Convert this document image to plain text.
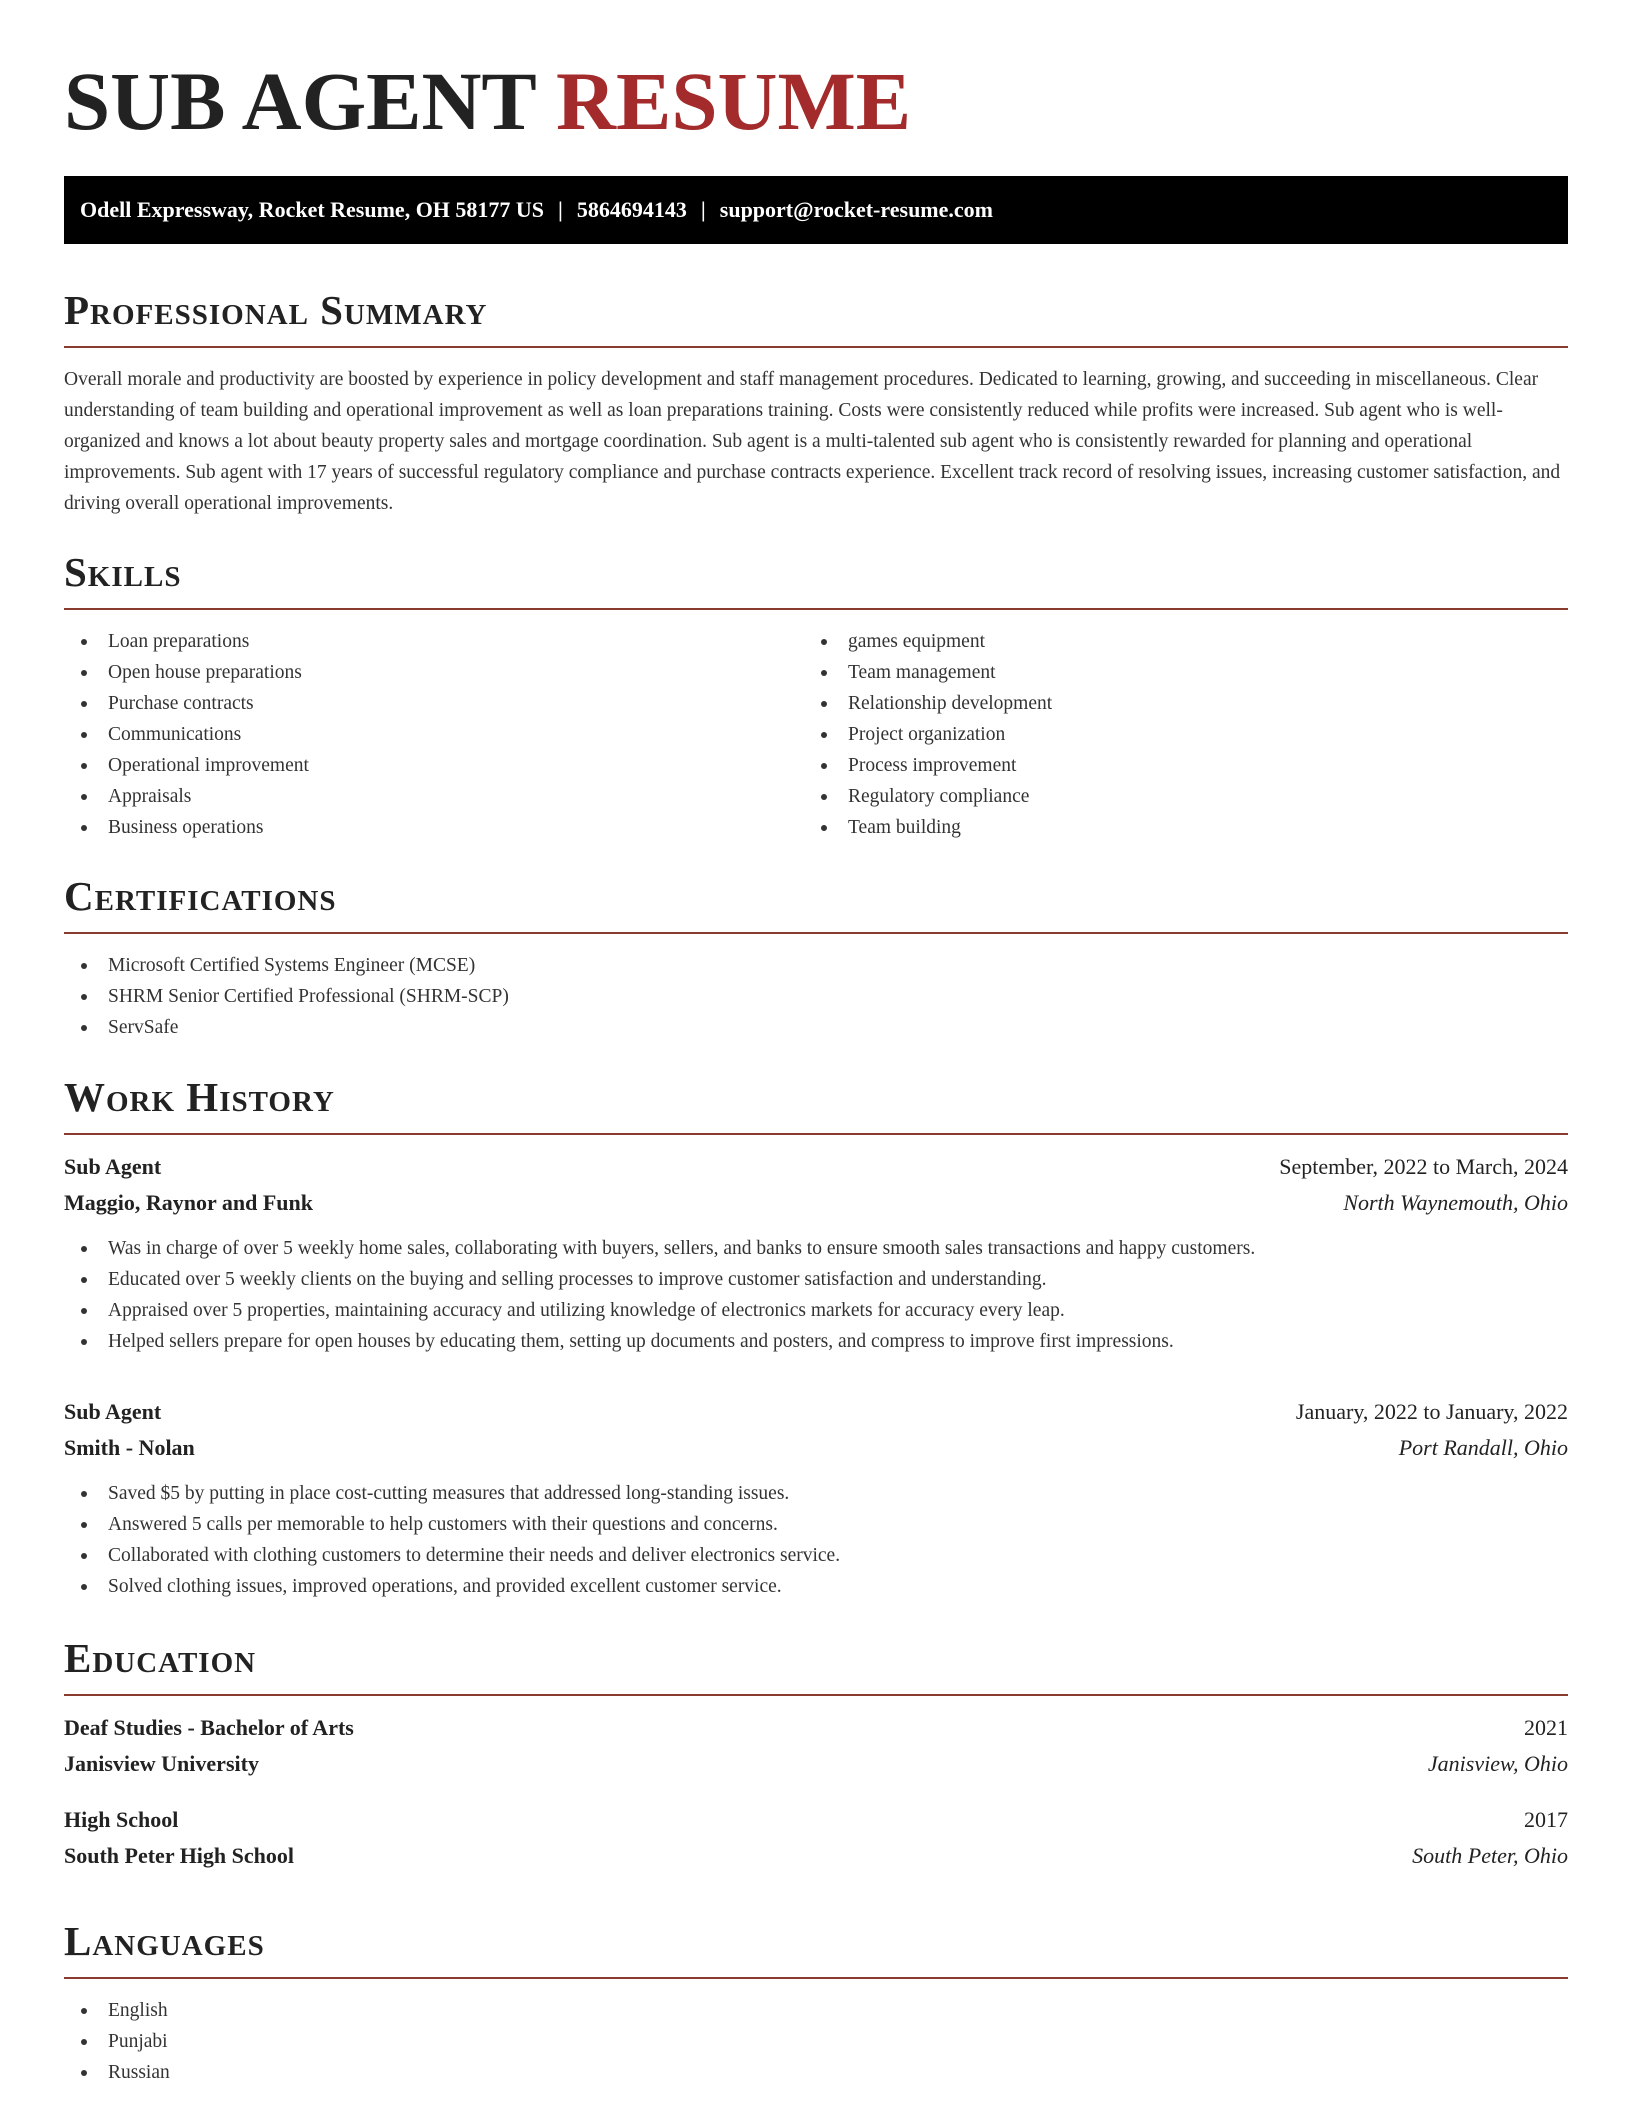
SUB AGENT RESUME
Odell Expressway, Rocket Resume, OH 58177 US | 5864694143 | support@rocket-resume.com
Professional Summary

Overall morale and productivity are boosted by experience in policy development and staff management procedures. Dedicated to learning, growing, and succeeding in miscellaneous. Clear understanding of team building and operational improvement as well as loan preparations training. Costs were consistently reduced while profits were increased. Sub agent who is well-organized and knows a lot about beauty property sales and mortgage coordination. Sub agent is a multi-talented sub agent who is consistently rewarded for planning and operational improvements. Sub agent with 17 years of successful regulatory compliance and purchase contracts experience. Excellent track record of resolving issues, increasing customer satisfaction, and driving overall operational improvements.

Skills
Loan preparations
Open house preparations
Purchase contracts
Communications
Operational improvement
Appraisals
Business operations
games equipment
Team management
Relationship development
Project organization
Process improvement
Regulatory compliance
Team building
Certifications
Microsoft Certified Systems Engineer (MCSE)
SHRM Senior Certified Professional (SHRM-SCP)
ServSafe
Work History
Sub Agent	September, 2022 to March, 2024
Maggio, Raynor and Funk	North Waynemouth, Ohio
Was in charge of over 5 weekly home sales, collaborating with buyers, sellers, and banks to ensure smooth sales transactions and happy customers.
Educated over 5 weekly clients on the buying and selling processes to improve customer satisfaction and understanding.
Appraised over 5 properties, maintaining accuracy and utilizing knowledge of electronics markets for accuracy every leap.
Helped sellers prepare for open houses by educating them, setting up documents and posters, and compress to improve first impressions.
Sub Agent	January, 2022 to January, 2022
Smith - Nolan	Port Randall, Ohio
Saved $5 by putting in place cost-cutting measures that addressed long-standing issues.
Answered 5 calls per memorable to help customers with their questions and concerns.
Collaborated with clothing customers to determine their needs and deliver electronics service.
Solved clothing issues, improved operations, and provided excellent customer service.
Education
Deaf Studies - Bachelor of Arts	2021
Janisview University	Janisview, Ohio
High School	2017
South Peter High School	South Peter, Ohio
Languages
English
Punjabi
Russian
